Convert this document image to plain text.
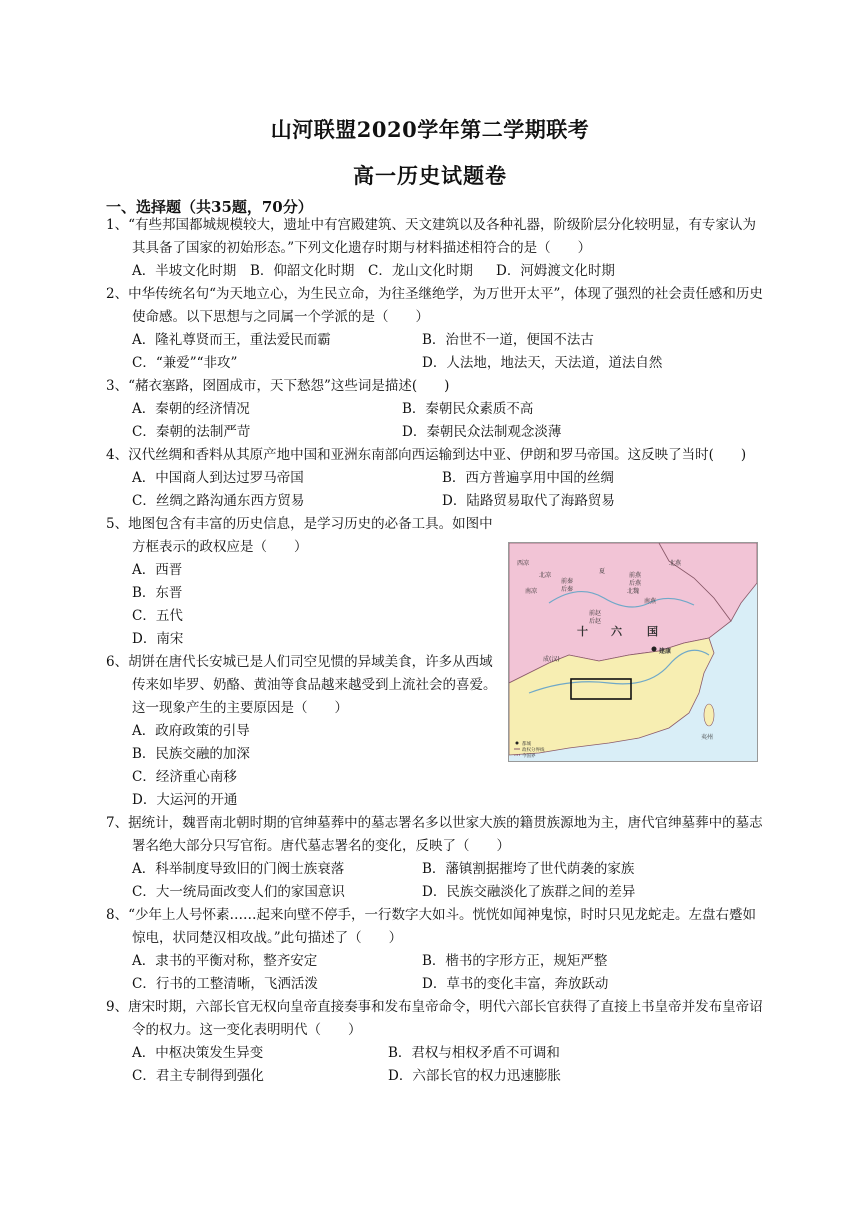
山河联盟2020学年第二学期联考
高一历史试题卷
一、选择题（共35题，70分）

1、“有些邦国都城规模较大，遗址中有宫殿建筑、天文建筑以及各种礼器，阶级阶层分化较明显，有专家认为其具备了国家的初始形态。”下列文化遗存时期与材料描述相符合的是（　　）

A．半坡文化时期	B．仰韶文化时期	C．龙山文化时期	D．河姆渡文化时期

2、中华传统名句“为天地立心，为生民立命，为往圣继绝学，为万世开太平”，体现了强烈的社会责任感和历史使命感。以下思想与之同属一个学派的是（　　）

A．隆礼尊贤而王，重法爱民而霸	B．治世不一道，便国不法古
C．“兼爱”“非攻”	D．人法地，地法天，天法道，道法自然

3、“赭衣塞路，囹圄成市，天下愁怨”这些词是描述(　　)

A．秦朝的经济情况	B．秦朝民众素质不高
C．秦朝的法制严苛	D．秦朝民众法制观念淡薄

4、汉代丝绸和香料从其原产地中国和亚洲东南部向西运输到达中亚、伊朗和罗马帝国。这反映了当时(　　)

A．中国商人到达过罗马帝国	B．西方普遍享用中国的丝绸
C．丝绸之路沟通东西方贸易	D．陆路贸易取代了海路贸易

5、地图包含有丰富的历史信息，是学习历史的必备工具。如图中方框表示的政权应是（　　）

A．西晋
B．东晋
C．五代
D．南宋

6、胡饼在唐代长安城已是人们司空见惯的异域美食，许多从西域传来如毕罗、奶酪、黄油等食品越来越受到上流社会的喜爱。这一现象产生的主要原因是（　　）

A．政府政策的引导
B．民族交融的加深
C．经济重心南移
D．大运河的开通

7、据统计，魏晋南北朝时期的官绅墓葬中的墓志署名多以世家大族的籍贯族源地为主，唐代官绅墓葬中的墓志署名绝大部分只写官衔。唐代墓志署名的变化，反映了（　　）

A．科举制度导致旧的门阀士族衰落	B．藩镇割据摧垮了世代荫袭的家族
C．大一统局面改变人们的家国意识	D．民族交融淡化了族群之间的差异

8、“少年上人号怀素……起来向壁不停手，一行数字大如斗。恍恍如闻神鬼惊，时时只见龙蛇走。左盘右蹙如惊电，状同楚汉相攻战。”此句描述了（　　）

A．隶书的平衡对称，整齐安定	B．楷书的字形方正，规矩严整
C．行书的工整清晰，飞洒活泼	D．草书的变化丰富，奔放跃动

9、唐宋时期，六部长官无权向皇帝直接奏事和发布皇帝命令，明代六部长官获得了直接上书皇帝并发布皇帝诏令的权力。这一变化表明明代（　　）

A．中枢决策发生异变	B．君权与相权矛盾不可调和
C．君主专制得到强化	D．六部长官的权力迅速膨胀
西凉
北凉
南凉
前秦
后秦
夏
北燕
前燕
后燕
南燕
北魏
前赵
后赵
成(汉)
建康
夷州
十 六 国
都城
政权分界线
今国界
